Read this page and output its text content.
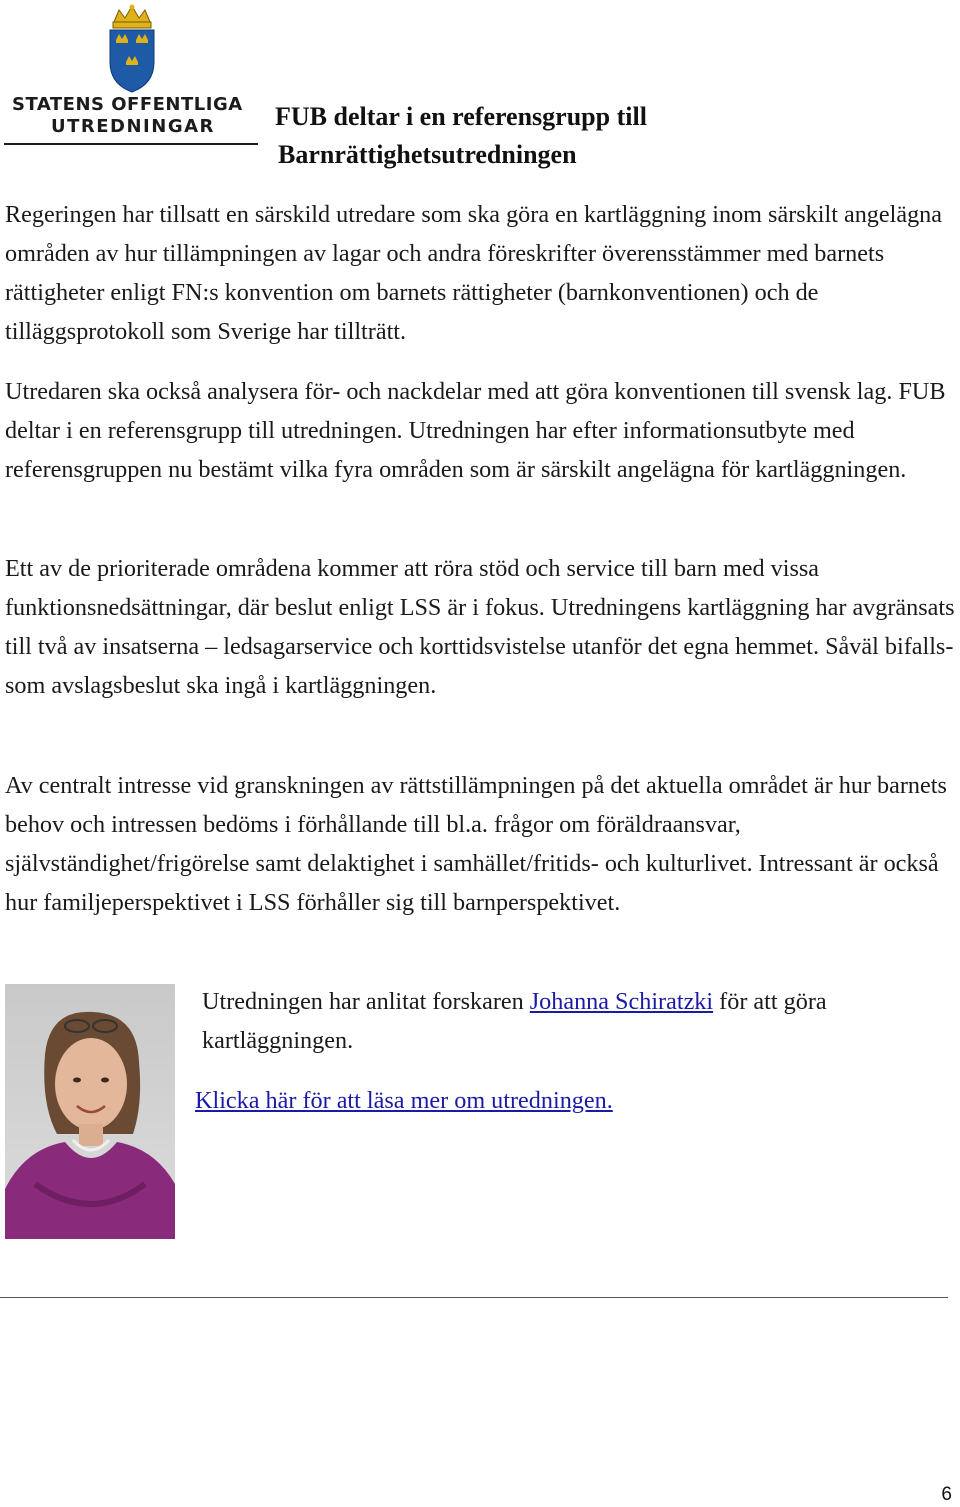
STATENS OFFENTLIGA
UTREDNINGAR	FUB deltar i en referensgrupp till
Barnrättighetsutredningen

Regeringen har tillsatt en särskild utredare som ska göra en kartläggning inom särskilt angelägna områden av hur tillämpningen av lagar och andra föreskrifter överensstämmer med barnets rättigheter enligt FN:s konvention om barnets rättigheter (barnkonventionen) och de tilläggsprotokoll som Sverige har tillträtt.

Utredaren ska också analysera för- och nackdelar med att göra konventionen till svensk lag. FUB deltar i en referensgrupp till utredningen. Utredningen har efter informationsutbyte med referensgruppen nu bestämt vilka fyra områden som är särskilt angelägna för kartläggningen.

Ett av de prioriterade områdena kommer att röra stöd och service till barn med vissa funktionsnedsättningar, där beslut enligt LSS är i fokus. Utredningens kartläggning har avgränsats till två av insatserna – ledsagarservice och korttidsvistelse utanför det egna hemmet. Såväl bifalls- som avslagsbeslut ska ingå i kartläggningen.

Av centralt intresse vid granskningen av rättstillämpningen på det aktuella området är hur barnets behov och intressen bedöms i förhållande till bl.a. frågor om föräldraansvar, självständighet/frigörelse samt delaktighet i samhället/fritids- och kulturlivet. Intressant är också hur familjeperspektivet i LSS förhåller sig till barnperspektivet.

Utredningen har anlitat forskaren Johanna Schiratzki för att göra kartläggningen.

Klicka här för att läsa mer om utredningen.

6
